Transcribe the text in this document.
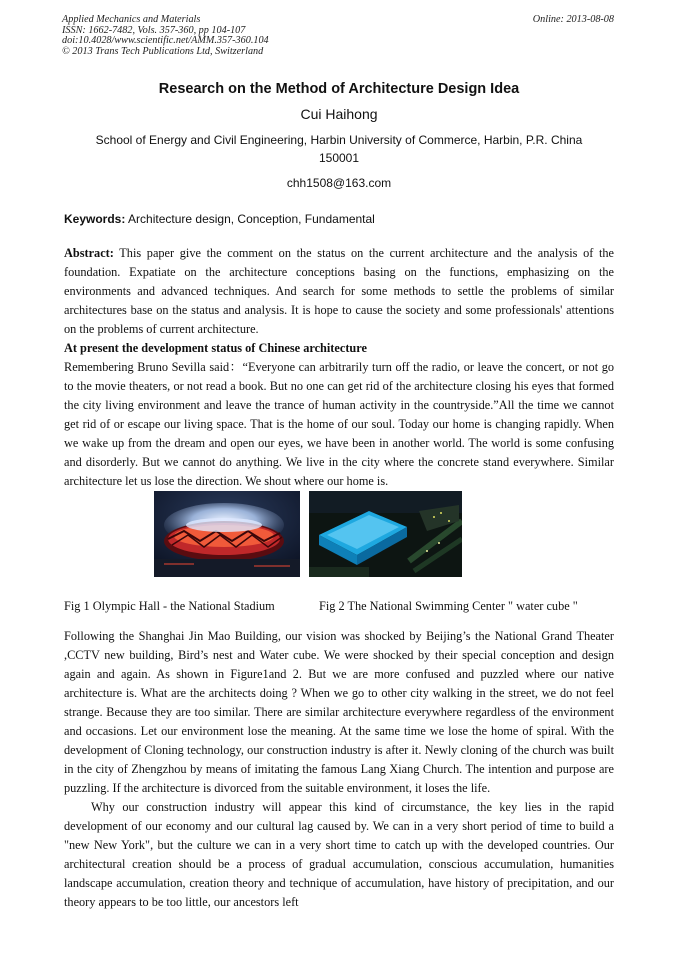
Applied Mechanics and Materials
ISSN: 1662-7482, Vols. 357-360, pp 104-107
doi:10.4028/www.scientific.net/AMM.357-360.104
© 2013 Trans Tech Publications Ltd, Switzerland
Online: 2013-08-08
Research on the Method of Architecture Design Idea
Cui Haihong
School of Energy and Civil Engineering, Harbin University of Commerce, Harbin, P.R. China 150001
chh1508@163.com
Keywords: Architecture design, Conception, Fundamental
Abstract: This paper give the comment on the status on the current architecture and the analysis of the foundation. Expatiate on the architecture conceptions basing on the functions, emphasizing on the environments and advanced techniques. And search for some methods to settle the problems of similar architectures base on the status and analysis. It is hope to cause the society and some professionals' attentions on the problems of current architecture.
At present the development status of Chinese architecture
Remembering Bruno Sevilla said：“Everyone can arbitrarily turn off the radio, or leave the concert, or not go to the movie theaters, or not read a book. But no one can get rid of the architecture closing his eyes that formed the city living environment and leave the trance of human activity in the countryside.”All the time we cannot get rid of or escape our living space. That is the home of our soul. Today our home is changing rapidly. When we wake up from the dream and open our eyes, we have been in another world. The world is some confusing and disorderly. But we cannot do anything. We live in the city where the concrete stand everywhere. Similar architecture let us lose the direction. We shout where our home is.
Fig 1 Olympic Hall - the National Stadium	Fig 2 The National Swimming Center " water cube "
Following the Shanghai Jin Mao Building, our vision was shocked by Beijing’s the National Grand Theater ,CCTV new building, Bird’s nest and Water cube. We were shocked by their special conception and design again and again. As shown in Figure1and 2. But we are more confused and puzzled where our native architecture is. What are the architects doing ? When we go to other city walking in the street, we do not feel strange. Because they are too similar. There are similar architecture everywhere regardless of the environment and occasions. Let our environment lose the meaning. At the same time we lose the home of spiral. With the development of Cloning technology, our construction industry is after it. Newly cloning of the church was built in the city of Zhengzhou by means of imitating the famous Lang Xiang Church. The intention and purpose are puzzling. If the architecture is divorced from the suitable environment, it loses the life.
Why our construction industry will appear this kind of circumstance, the key lies in the rapid development of our economy and our cultural lag caused by. We can in a very short period of time to build a "new New York", but the culture we can in a very short time to catch up with the developed countries. Our architectural creation should be a process of gradual accumulation, conscious accumulation, humanities landscape accumulation, creation theory and technique of accumulation, have history of precipitation, and our theory appears to be too little, our ancestors left
